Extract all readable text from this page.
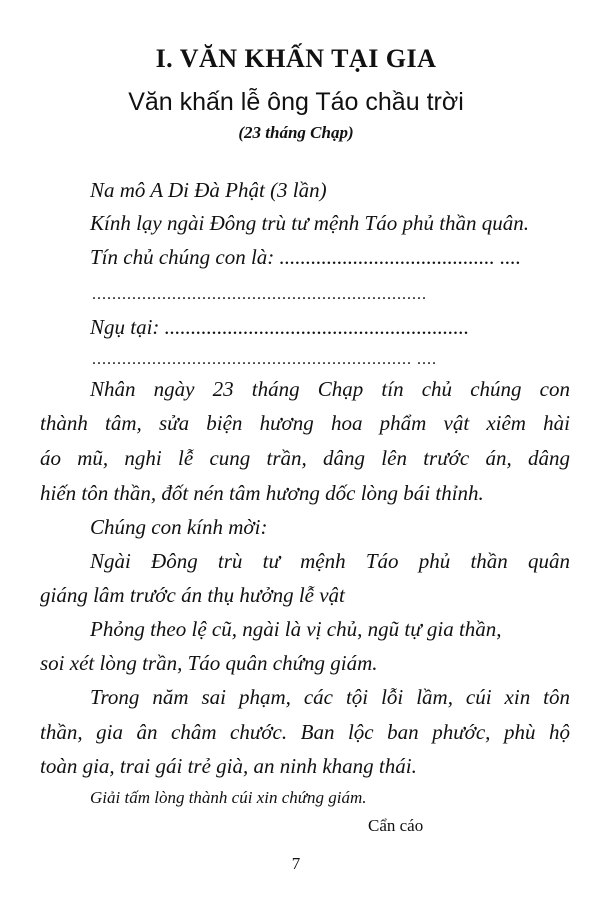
I. VĂN KHẤN TẠI GIA
Văn khấn lễ ông Táo chầu trời
(23 tháng Chạp)
Na mô A Di Đà Phật (3 lần)
Kính lạy ngài Đông trù tư mệnh Táo phủ thần quân.
Tín chủ chúng con là: ......................................... ....
...................................................................
Ngụ tại: ..........................................................
................................................................ ....
Nhân ngày 23 tháng Chạp tín chủ chúng con
thành tâm, sửa biện hương hoa phẩm vật xiêm hài
áo mũ, nghi lễ cung trần, dâng lên trước án, dâng
hiến tôn thần, đốt nén tâm hương dốc lòng bái thỉnh.
Chúng con kính mời:
Ngài Đông trù tư mệnh Táo phủ thần quân
giáng lâm trước án thụ hưởng lễ vật
Phỏng theo lệ cũ, ngài là vị chủ, ngũ tự gia thần,
soi xét lòng trần, Táo quân chứng giám.
Trong năm sai phạm, các tội lỗi lầm, cúi xin tôn
thần, gia ân châm chước. Ban lộc ban phước, phù hộ
toàn gia, trai gái trẻ già, an ninh khang thái.
Giải tấm lòng thành cúi xin chứng giám.
Cẩn cáo
7
